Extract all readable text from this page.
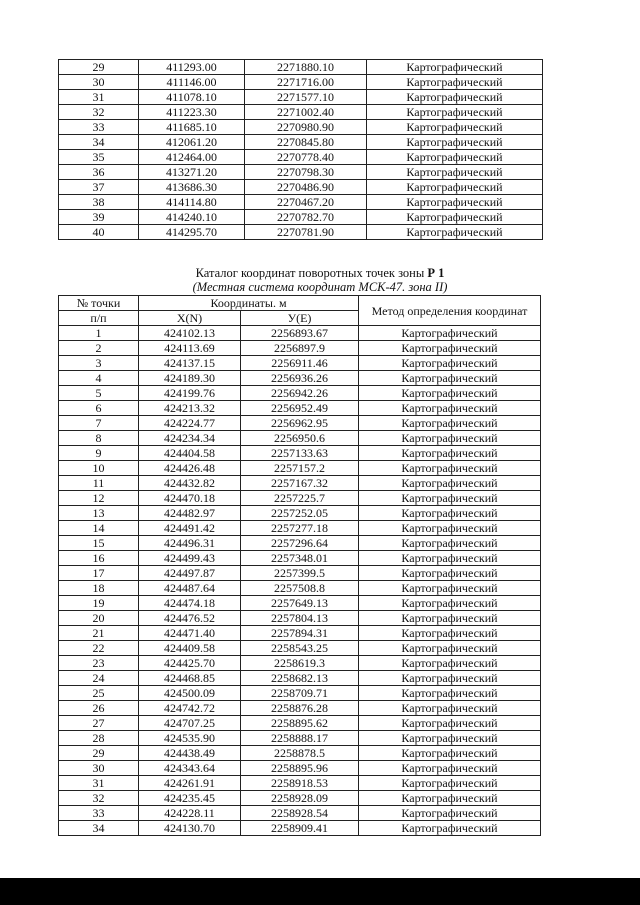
29	411293.00	2271880.10	Картографический
30	411146.00	2271716.00	Картографический
31	411078.10	2271577.10	Картографический
32	411223.30	2271002.40	Картографический
33	411685.10	2270980.90	Картографический
34	412061.20	2270845.80	Картографический
35	412464.00	2270778.40	Картографический
36	413271.20	2270798.30	Картографический
37	413686.30	2270486.90	Картографический
38	414114.80	2270467.20	Картографический
39	414240.10	2270782.70	Картографический
40	414295.70	2270781.90	Картографический
Каталог координат поворотных точек зоны Р 1
(Местная система координат МСК-47. зона II)
№ точки	Координаты. м		Метод определения координат
п/п	X(N)	У(Е)	
1	424102.13	2256893.67	Картографический
2	424113.69	2256897.9	Картографический
3	424137.15	2256911.46	Картографический
4	424189.30	2256936.26	Картографический
5	424199.76	2256942.26	Картографический
6	424213.32	2256952.49	Картографический
7	424224.77	2256962.95	Картографический
8	424234.34	2256950.6	Картографический
9	424404.58	2257133.63	Картографический
10	424426.48	2257157.2	Картографический
11	424432.82	2257167.32	Картографический
12	424470.18	2257225.7	Картографический
13	424482.97	2257252.05	Картографический
14	424491.42	2257277.18	Картографический
15	424496.31	2257296.64	Картографический
16	424499.43	2257348.01	Картографический
17	424497.87	2257399.5	Картографический
18	424487.64	2257508.8	Картографический
19	424474.18	2257649.13	Картографический
20	424476.52	2257804.13	Картографический
21	424471.40	2257894.31	Картографический
22	424409.58	2258543.25	Картографический
23	424425.70	2258619.3	Картографический
24	424468.85	2258682.13	Картографический
25	424500.09	2258709.71	Картографический
26	424742.72	2258876.28	Картографический
27	424707.25	2258895.62	Картографический
28	424535.90	2258888.17	Картографический
29	424438.49	2258878.5	Картографический
30	424343.64	2258895.96	Картографический
31	424261.91	2258918.53	Картографический
32	424235.45	2258928.09	Картографический
33	424228.11	2258928.54	Картографический
34	424130.70	2258909.41	Картографический
